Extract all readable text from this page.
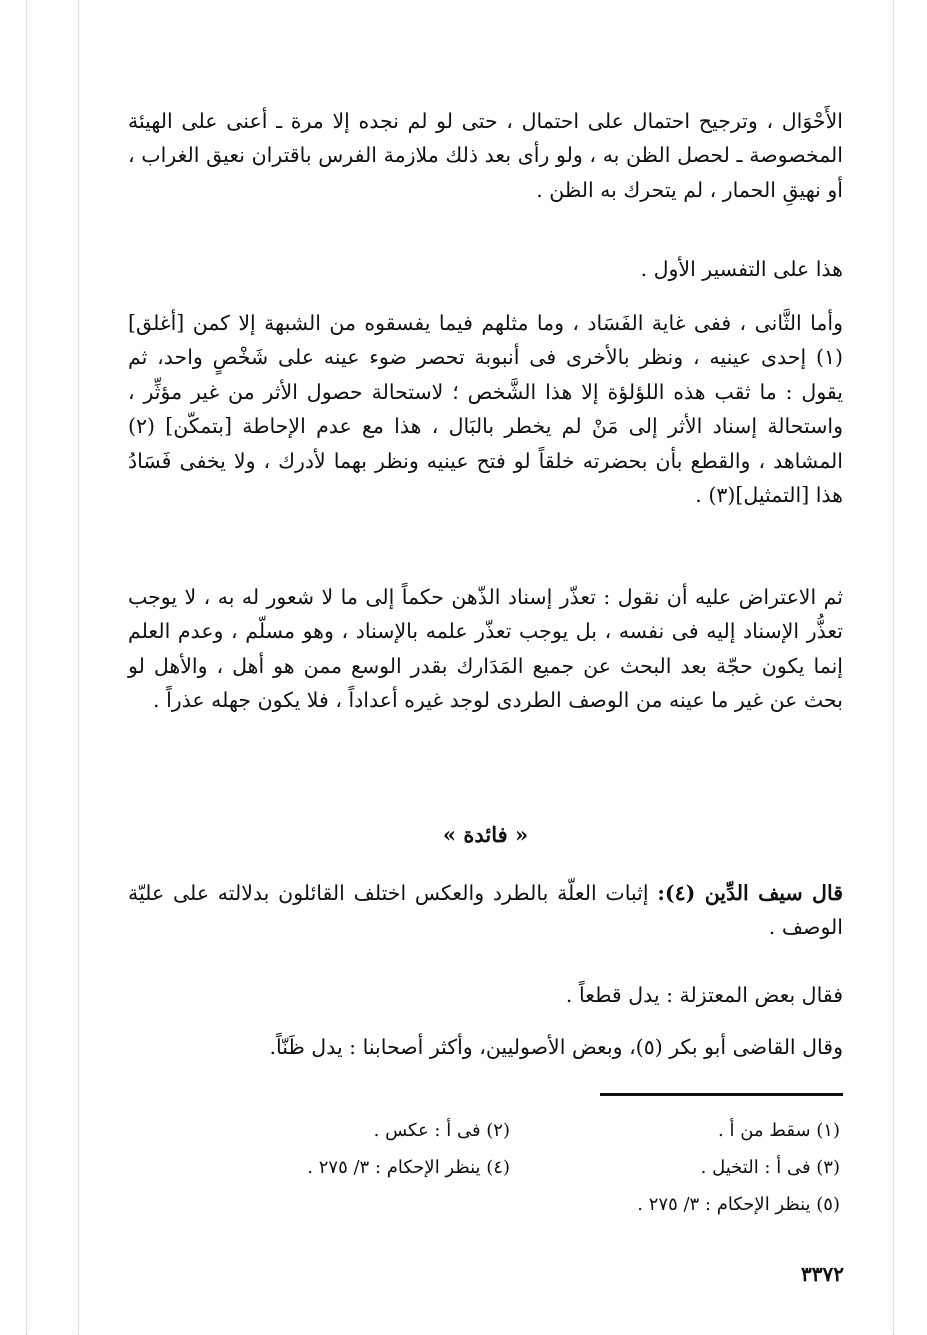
الأَحْوَال ، وترجيح احتمال على احتمال ، حتى لو لم نجده إلا مرة ـ أعنى على الهيئة المخصوصة ـ لحصل الظن به ، ولو رأى بعد ذلك ملازمة الفرس باقتران نعيق الغراب ، أو نهيقِ الحمار ، لم يتحرك به الظن .

هذا على التفسير الأول .

وأما الثَّانى ، ففى غاية الفَسَاد ، وما مثلهم فيما يفسقوه من الشبهة إلا كمن [أغلق] (١) إحدى عينيه ، ونظر بالأخرى فى أنبوبة تحصر ضوء عينه على شَخْصٍ واحد، ثم يقول : ما ثقب هذه اللؤلؤة إلا هذا الشَّخص ؛ لاستحالة حصول الأثر من غير مؤثِّر ، واستحالة إسناد الأثر إلى مَنْ لم يخطر بالبَال ، هذا مع عدم الإحاطة [بتمكّن] (٢) المشاهد ، والقطع بأن بحضرته خلقاً لو فتح عينيه ونظر بهما لأدرك ، ولا يخفى فَسَادُ هذا [التمثيل](٣) .

ثم الاعتراض عليه أن نقول : تعذّر إسناد الذّهن حكماً إلى ما لا شعور له به ، لا يوجب تعذُّر الإسناد إليه فى نفسه ، بل يوجب تعذّر علمه بالإسناد ، وهو مسلّم ، وعدم العلم إنما يكون حجّة بعد البحث عن جميع المَدَارك بقدر الوسع ممن هو أهل ، والأهل لو بحث عن غير ما عينه من الوصف الطردى لوجد غيره أعداداً ، فلا يكون جهله عذراً .

« فائدة »

قال سيف الدِّين (٤): إثبات العلّة بالطرد والعكس اختلف القائلون بدلالته على عليّة الوصف .

فقال بعض المعتزلة : يدل قطعاً .

وقال القاضى أبو بكر (٥)، وبعض الأصوليين، وأكثر أصحابنا : يدل ظَنّاً.

(١) سقط من أ .
(٢) فى أ : عكس .
(٣) فى أ : التخيل .
(٤) ينظر الإحكام : ٣/ ٢٧٥ .
(٥) ينظر الإحكام : ٣/ ٢٧٥ .
٣٣٧٢
